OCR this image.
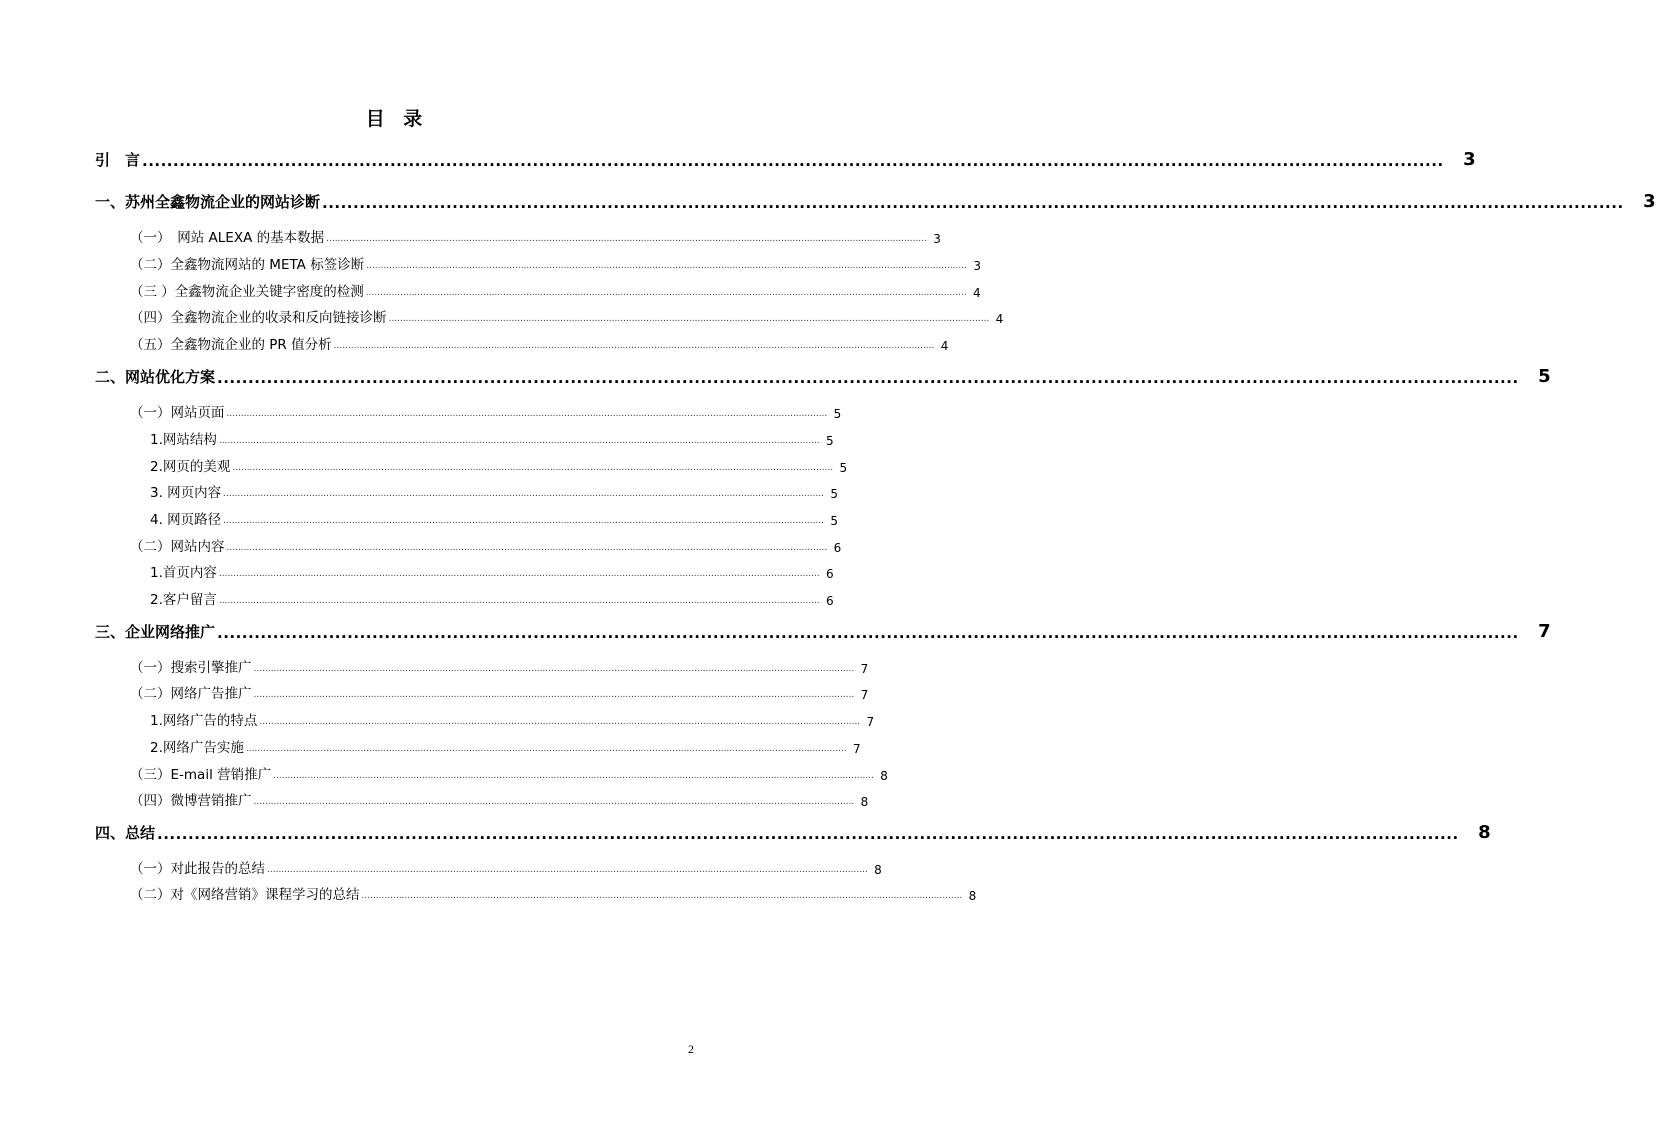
目 录
引　言 ..................................................................................................................................................................................................................	3
一、苏州全鑫物流企业的网站诊断 ..................................................................................................................................................................................................................	3
（一）　网站 ALEXA 的基本数据 .................................................................................................................................................................................................................. 3
（二）全鑫物流网站的 META 标签诊断 .................................................................................................................................................................................................................. 3
（三 ）全鑫物流企业关键字密度的检测 .................................................................................................................................................................................................................. 4
（四）全鑫物流企业的收录和反向链接诊断 .................................................................................................................................................................................................................. 4
（五）全鑫物流企业的 PR 值分析 .................................................................................................................................................................................................................. 4
二、网站优化方案 ..................................................................................................................................................................................................................	5
（一）网站页面 .................................................................................................................................................................................................................. 5
1.网站结构 .................................................................................................................................................................................................................. 5
2.网页的美观 .................................................................................................................................................................................................................. 5
3. 网页内容 .................................................................................................................................................................................................................. 5
4. 网页路径 .................................................................................................................................................................................................................. 5
（二）网站内容 .................................................................................................................................................................................................................. 6
1.首页内容 .................................................................................................................................................................................................................. 6
2.客户留言 .................................................................................................................................................................................................................. 6
三、企业网络推广 ..................................................................................................................................................................................................................	7
（一）搜索引擎推广 .................................................................................................................................................................................................................. 7
（二）网络广告推广 .................................................................................................................................................................................................................. 7
1.网络广告的特点 .................................................................................................................................................................................................................. 7
2.网络广告实施 .................................................................................................................................................................................................................. 7
（三）E-mail 营销推广 .................................................................................................................................................................................................................. 8
（四）微博营销推广 .................................................................................................................................................................................................................. 8
四、总结 ..................................................................................................................................................................................................................	8
（一）对此报告的总结 .................................................................................................................................................................................................................. 8
（二）对《网络营销》课程学习的总结 .................................................................................................................................................................................................................. 8
2
